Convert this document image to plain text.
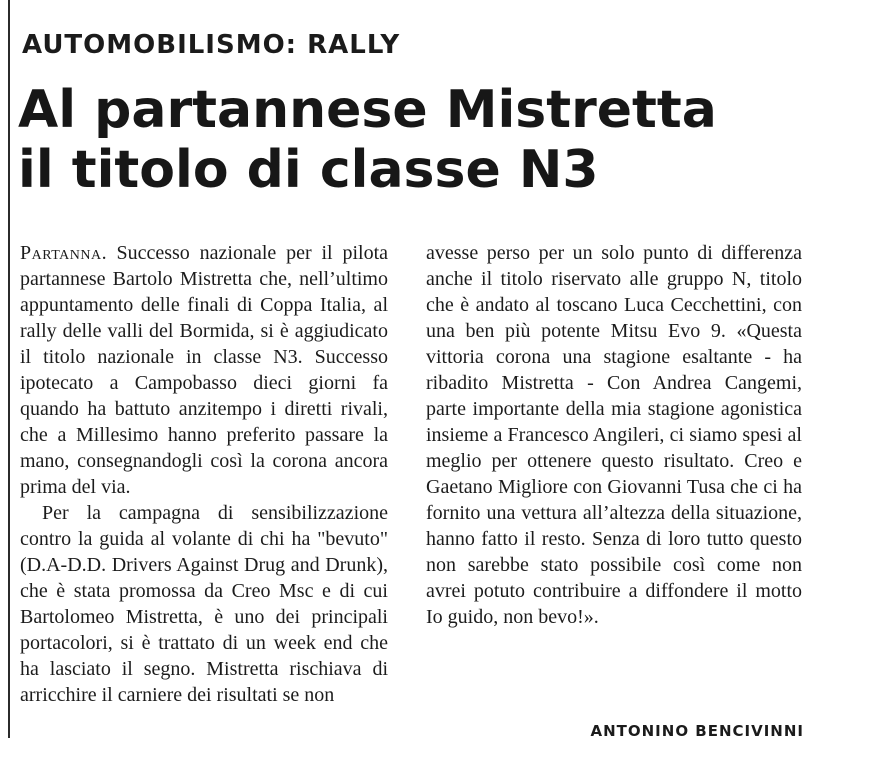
AUTOMOBILISMO: RALLY
Al partannese Mistretta
il titolo di classe N3

Partanna. Successo nazionale per il pilota partannese Bartolo Mistretta che, nell’ultimo appuntamento delle finali di Coppa Italia, al rally delle valli del Bormida, si è aggiudicato il titolo nazionale in classe N3. Successo ipotecato a Campobasso dieci giorni fa quando ha battuto anzitempo i diretti rivali, che a Millesimo hanno preferito passare la mano, consegnandogli così la corona ancora prima del via.

Per la campagna di sensibilizzazione contro la guida al volante di chi ha "bevuto" (D.A-D.D. Drivers Against Drug and Drunk), che è stata promossa da Creo Msc e di cui Bartolomeo Mistretta, è uno dei principali portacolori, si è trattato di un week end che ha lasciato il segno. Mistretta rischiava di arricchire il carniere dei risultati se non

avesse perso per un solo punto di differenza anche il titolo riservato alle gruppo N, titolo che è andato al toscano Luca Cecchettini, con una ben più potente Mitsu Evo 9. «Questa vittoria corona una stagione esaltante - ha ribadito Mistretta - Con Andrea Cangemi, parte importante della mia stagione agonistica insieme a Francesco Angileri, ci siamo spesi al meglio per ottenere questo risultato. Creo e Gaetano Migliore con Giovanni Tusa che ci ha fornito una vettura all’altezza della situazione, hanno fatto il resto. Senza di loro tutto questo non sarebbe stato possibile così come non avrei potuto contribuire a diffondere il motto Io guido, non bevo!».

ANTONINO BENCIVINNI
